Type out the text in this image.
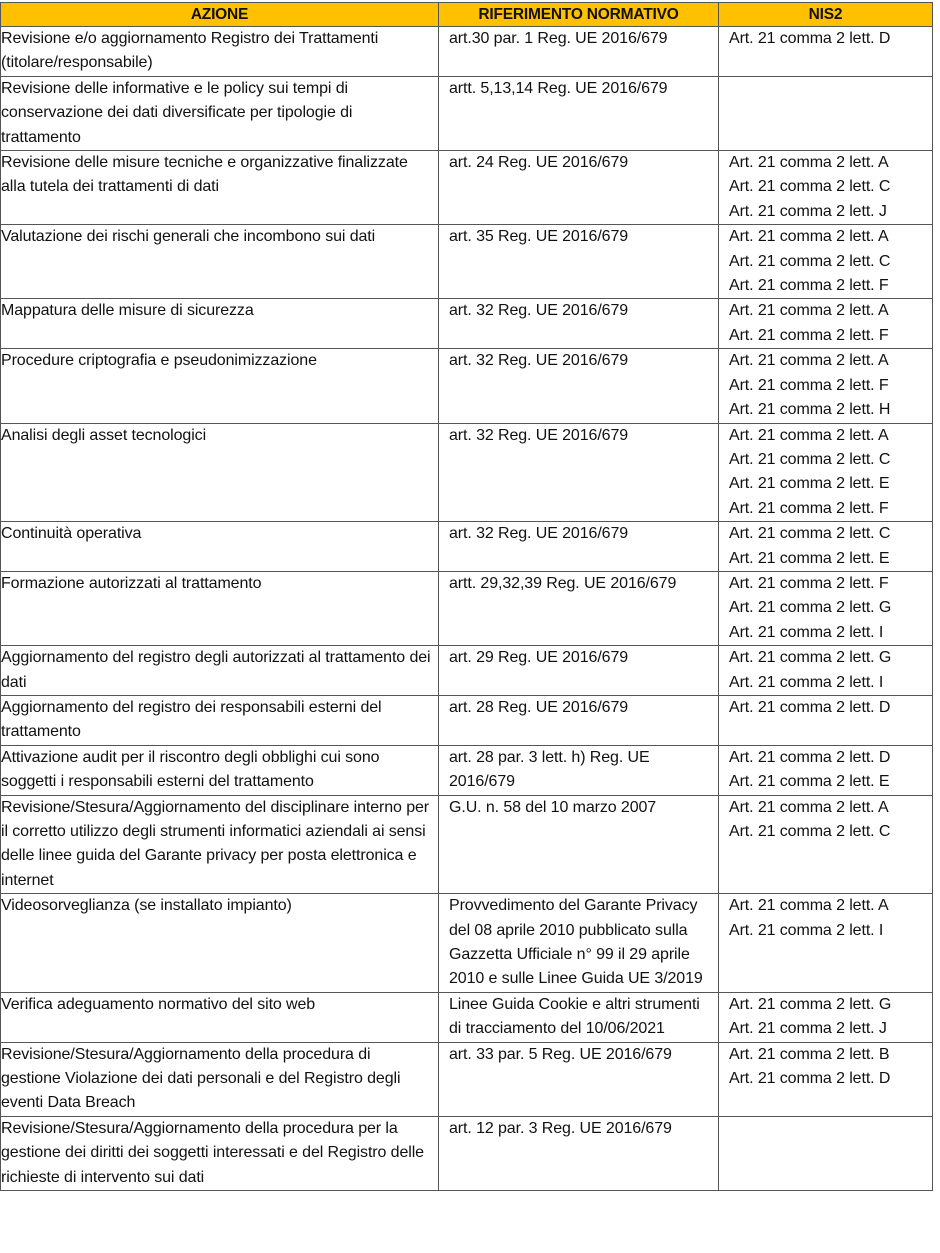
AZIONE	RIFERIMENTO NORMATIVO	NIS2
Revisione e/o aggiornamento Registro dei Trattamenti (titolare/responsabile)	art.30 par. 1 Reg. UE 2016/679	Art. 21 comma 2 lett. D

Revisione delle informative e le policy sui tempi di conservazione dei dati diversificate per tipologie di trattamento	artt. 5,13,14 Reg. UE 2016/679	
Revisione delle misure tecniche e organizzative finalizzate alla tutela dei trattamenti di dati	art. 24 Reg. UE 2016/679	Art. 21 comma 2 lett. A
Art. 21 comma 2 lett. C
Art. 21 comma 2 lett. J

Valutazione dei rischi generali che incombono sui dati	art. 35 Reg. UE 2016/679	Art. 21 comma 2 lett. A
Art. 21 comma 2 lett. C
Art. 21 comma 2 lett. F

Mappatura delle misure di sicurezza	art. 32 Reg. UE 2016/679	Art. 21 comma 2 lett. A
Art. 21 comma 2 lett. F

Procedure criptografia e pseudonimizzazione	art. 32 Reg. UE 2016/679	Art. 21 comma 2 lett. A
Art. 21 comma 2 lett. F
Art. 21 comma 2 lett. H

Analisi degli asset tecnologici	art. 32 Reg. UE 2016/679	Art. 21 comma 2 lett. A
Art. 21 comma 2 lett. C
Art. 21 comma 2 lett. E
Art. 21 comma 2 lett. F

Continuità operativa	art. 32 Reg. UE 2016/679	Art. 21 comma 2 lett. C
Art. 21 comma 2 lett. E

Formazione autorizzati al trattamento	artt. 29,32,39 Reg. UE 2016/679	Art. 21 comma 2 lett. F
Art. 21 comma 2 lett. G
Art. 21 comma 2 lett. I

Aggiornamento del registro degli autorizzati al trattamento dei dati	art. 29 Reg. UE 2016/679	Art. 21 comma 2 lett. G
Art. 21 comma 2 lett. I

Aggiornamento del registro dei responsabili esterni del trattamento	art. 28 Reg. UE 2016/679	Art. 21 comma 2 lett. D

Attivazione audit per il riscontro degli obblighi cui sono soggetti i responsabili esterni del trattamento	art. 28 par. 3 lett. h) Reg. UE 2016/679	Art. 21 comma 2 lett. D
Art. 21 comma 2 lett. E

Revisione/Stesura/Aggiornamento del disciplinare interno per il corretto utilizzo degli strumenti informatici aziendali ai sensi delle linee guida del Garante privacy per posta elettronica e internet	G.U. n. 58 del 10 marzo 2007	Art. 21 comma 2 lett. A
Art. 21 comma 2 lett. C

Videosorveglianza (se installato impianto)	Provvedimento del Garante Privacy del 08 aprile 2010 pubblicato sulla Gazzetta Ufficiale n° 99 il 29 aprile 2010 e sulle Linee Guida UE 3/2019	Art. 21 comma 2 lett. A
Art. 21 comma 2 lett. I

Verifica adeguamento normativo del sito web	Linee Guida Cookie e altri strumenti di tracciamento del 10/06/2021	Art. 21 comma 2 lett. G
Art. 21 comma 2 lett. J

Revisione/Stesura/Aggiornamento della procedura di gestione Violazione dei dati personali e del Registro degli eventi Data Breach	art. 33 par. 5 Reg. UE 2016/679	Art. 21 comma 2 lett. B
Art. 21 comma 2 lett. D

Revisione/Stesura/Aggiornamento della procedura per la gestione dei diritti dei soggetti interessati e del Registro delle richieste di intervento sui dati	art. 12 par. 3 Reg. UE 2016/679	
